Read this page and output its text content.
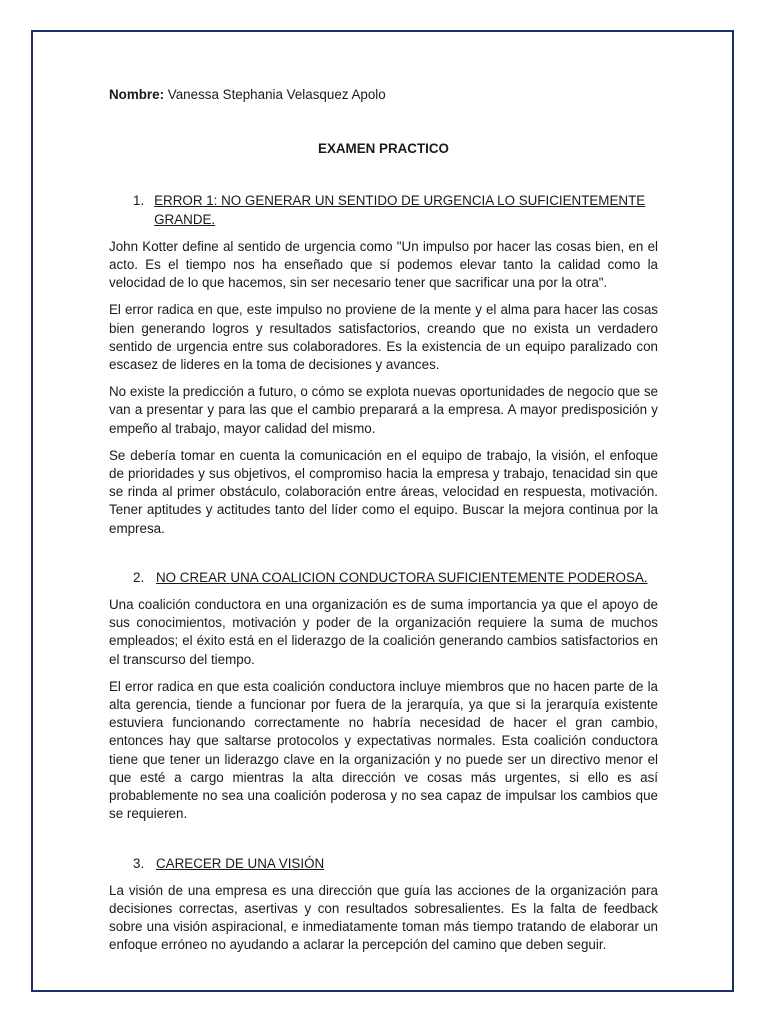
Nombre: Vanessa Stephania Velasquez Apolo

EXAMEN PRACTICO

1. ERROR 1: NO GENERAR UN SENTIDO DE URGENCIA LO SUFICIENTEMENTE GRANDE.

John Kotter define al sentido de urgencia como "Un impulso por hacer las cosas bien, en el acto. Es el tiempo nos ha enseñado que sí podemos elevar tanto la calidad como la velocidad de lo que hacemos, sin ser necesario tener que sacrificar una por la otra".

El error radica en que, este impulso no proviene de la mente y el alma para hacer las cosas bien generando logros y resultados satisfactorios, creando que no exista un verdadero sentido de urgencia entre sus colaboradores. Es la existencia de un equipo paralizado con escasez de lideres en la toma de decisiones y avances.

No existe la predicción a futuro, o cómo se explota nuevas oportunidades de negocio que se van a presentar y para las que el cambio preparará a la empresa. A mayor predisposición y empeño al trabajo, mayor calidad del mismo.

Se debería tomar en cuenta la comunicación en el equipo de trabajo, la visión, el enfoque de prioridades y sus objetivos, el compromiso hacia la empresa y trabajo, tenacidad sin que se rinda al primer obstáculo, colaboración entre áreas, velocidad en respuesta, motivación. Tener aptitudes y actitudes tanto del líder como el equipo. Buscar la mejora continua por la empresa.

2. NO CREAR UNA COALICION CONDUCTORA SUFICIENTEMENTE PODEROSA.

Una coalición conductora en una organización es de suma importancia ya que el apoyo de sus conocimientos, motivación y poder de la organización requiere la suma de muchos empleados; el éxito está en el liderazgo de la coalición generando cambios satisfactorios en el transcurso del tiempo.

El error radica en que esta coalición conductora incluye miembros que no hacen parte de la alta gerencia, tiende a funcionar por fuera de la jerarquía, ya que si la jerarquía existente estuviera funcionando correctamente no habría necesidad de hacer el gran cambio, entonces hay que saltarse protocolos y expectativas normales. Esta coalición conductora tiene que tener un liderazgo clave en la organización y no puede ser un directivo menor el que esté a cargo mientras la alta dirección ve cosas más urgentes, si ello es así probablemente no sea una coalición poderosa y no sea capaz de impulsar los cambios que se requieren.

3. CARECER DE UNA VISIÓN

La visión de una empresa es una dirección que guía las acciones de la organización para decisiones correctas, asertivas y con resultados sobresalientes. Es la falta de feedback sobre una visión aspiracional, e inmediatamente toman más tiempo tratando de elaborar un enfoque erróneo no ayudando a aclarar la percepción del camino que deben seguir.
